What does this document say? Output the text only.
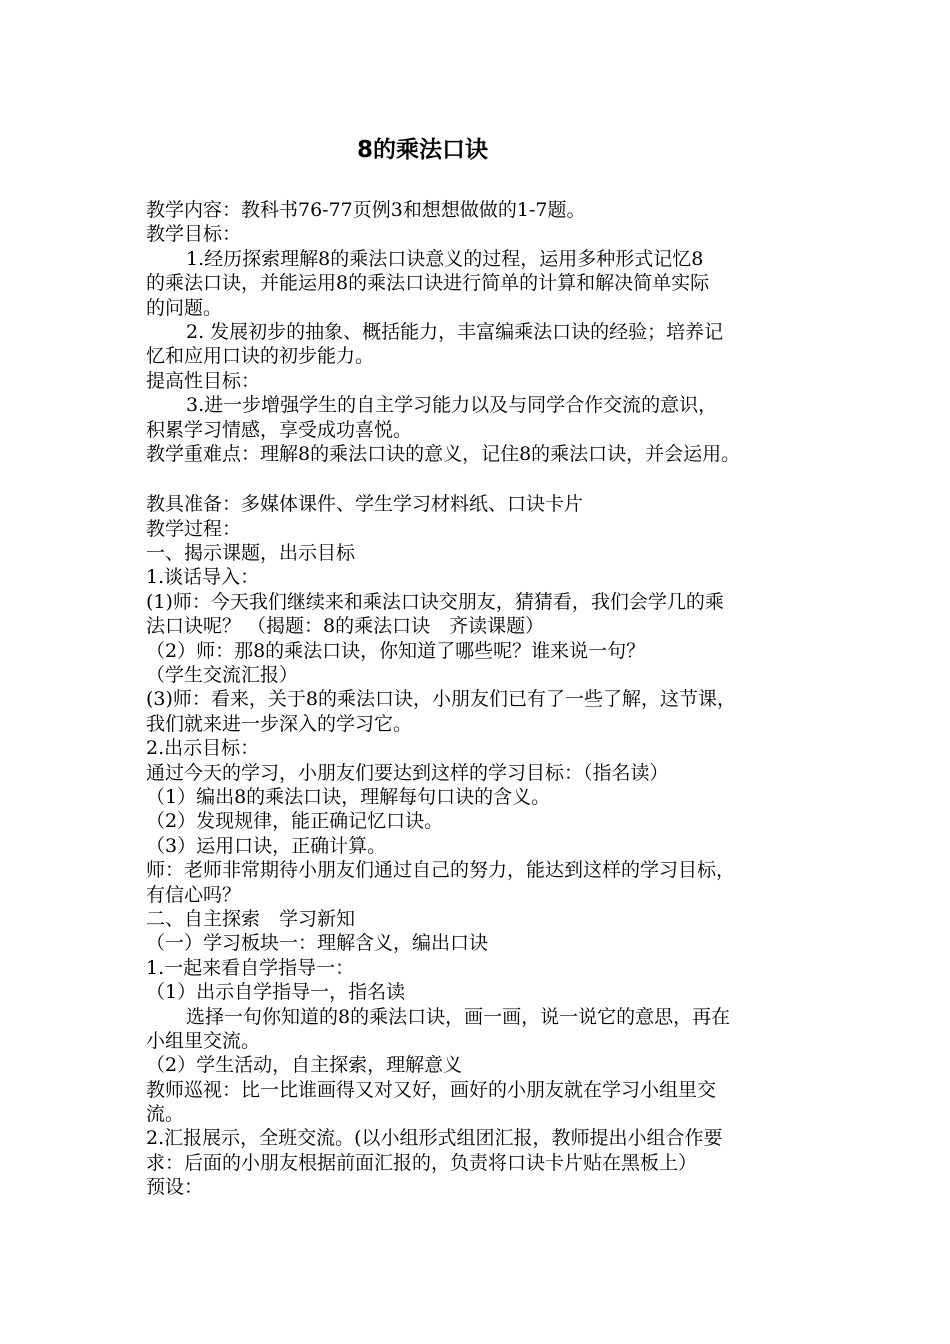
8的乘法口诀
教学内容：教科书76-77页例3和想想做做的1-7题。
教学目标：
1.经历探索理解8的乘法口诀意义的过程，运用多种形式记忆8
的乘法口诀，并能运用8的乘法口诀进行简单的计算和解决简单实际
的问题。
2. 发展初步的抽象、概括能力，丰富编乘法口诀的经验；培养记
忆和应用口诀的初步能力。
提高性目标：
3.进一步增强学生的自主学习能力以及与同学合作交流的意识，
积累学习情感，享受成功喜悦。
教学重难点：理解8的乘法口诀的意义，记住8的乘法口诀，并会运用。
教具准备：多媒体课件、学生学习材料纸、口诀卡片
教学过程：
一、揭示课题，出示目标
1.谈话导入：
(1)师：今天我们继续来和乘法口诀交朋友，猜猜看，我们会学几的乘
法口诀呢？ （揭题：8的乘法口诀　齐读课题）
（2）师：那8的乘法口诀，你知道了哪些呢？谁来说一句？
（学生交流汇报）
(3)师：看来，关于8的乘法口诀，小朋友们已有了一些了解，这节课，
我们就来进一步深入的学习它。
2.出示目标：
通过今天的学习，小朋友们要达到这样的学习目标：（指名读）
（1）编出8的乘法口诀，理解每句口诀的含义。
（2）发现规律，能正确记忆口诀。
（3）运用口诀，正确计算。
师：老师非常期待小朋友们通过自己的努力，能达到这样的学习目标，
有信心吗？
二、自主探索　学习新知
（一）学习板块一：理解含义，编出口诀
1.一起来看自学指导一：
（1）出示自学指导一，指名读
选择一句你知道的8的乘法口诀，画一画，说一说它的意思，再在
小组里交流。
（2）学生活动，自主探索，理解意义
教师巡视：比一比谁画得又对又好，画好的小朋友就在学习小组里交
流。
2.汇报展示，全班交流。(以小组形式组团汇报，教师提出小组合作要
求：后面的小朋友根据前面汇报的，负责将口诀卡片贴在黑板上）
预设：
